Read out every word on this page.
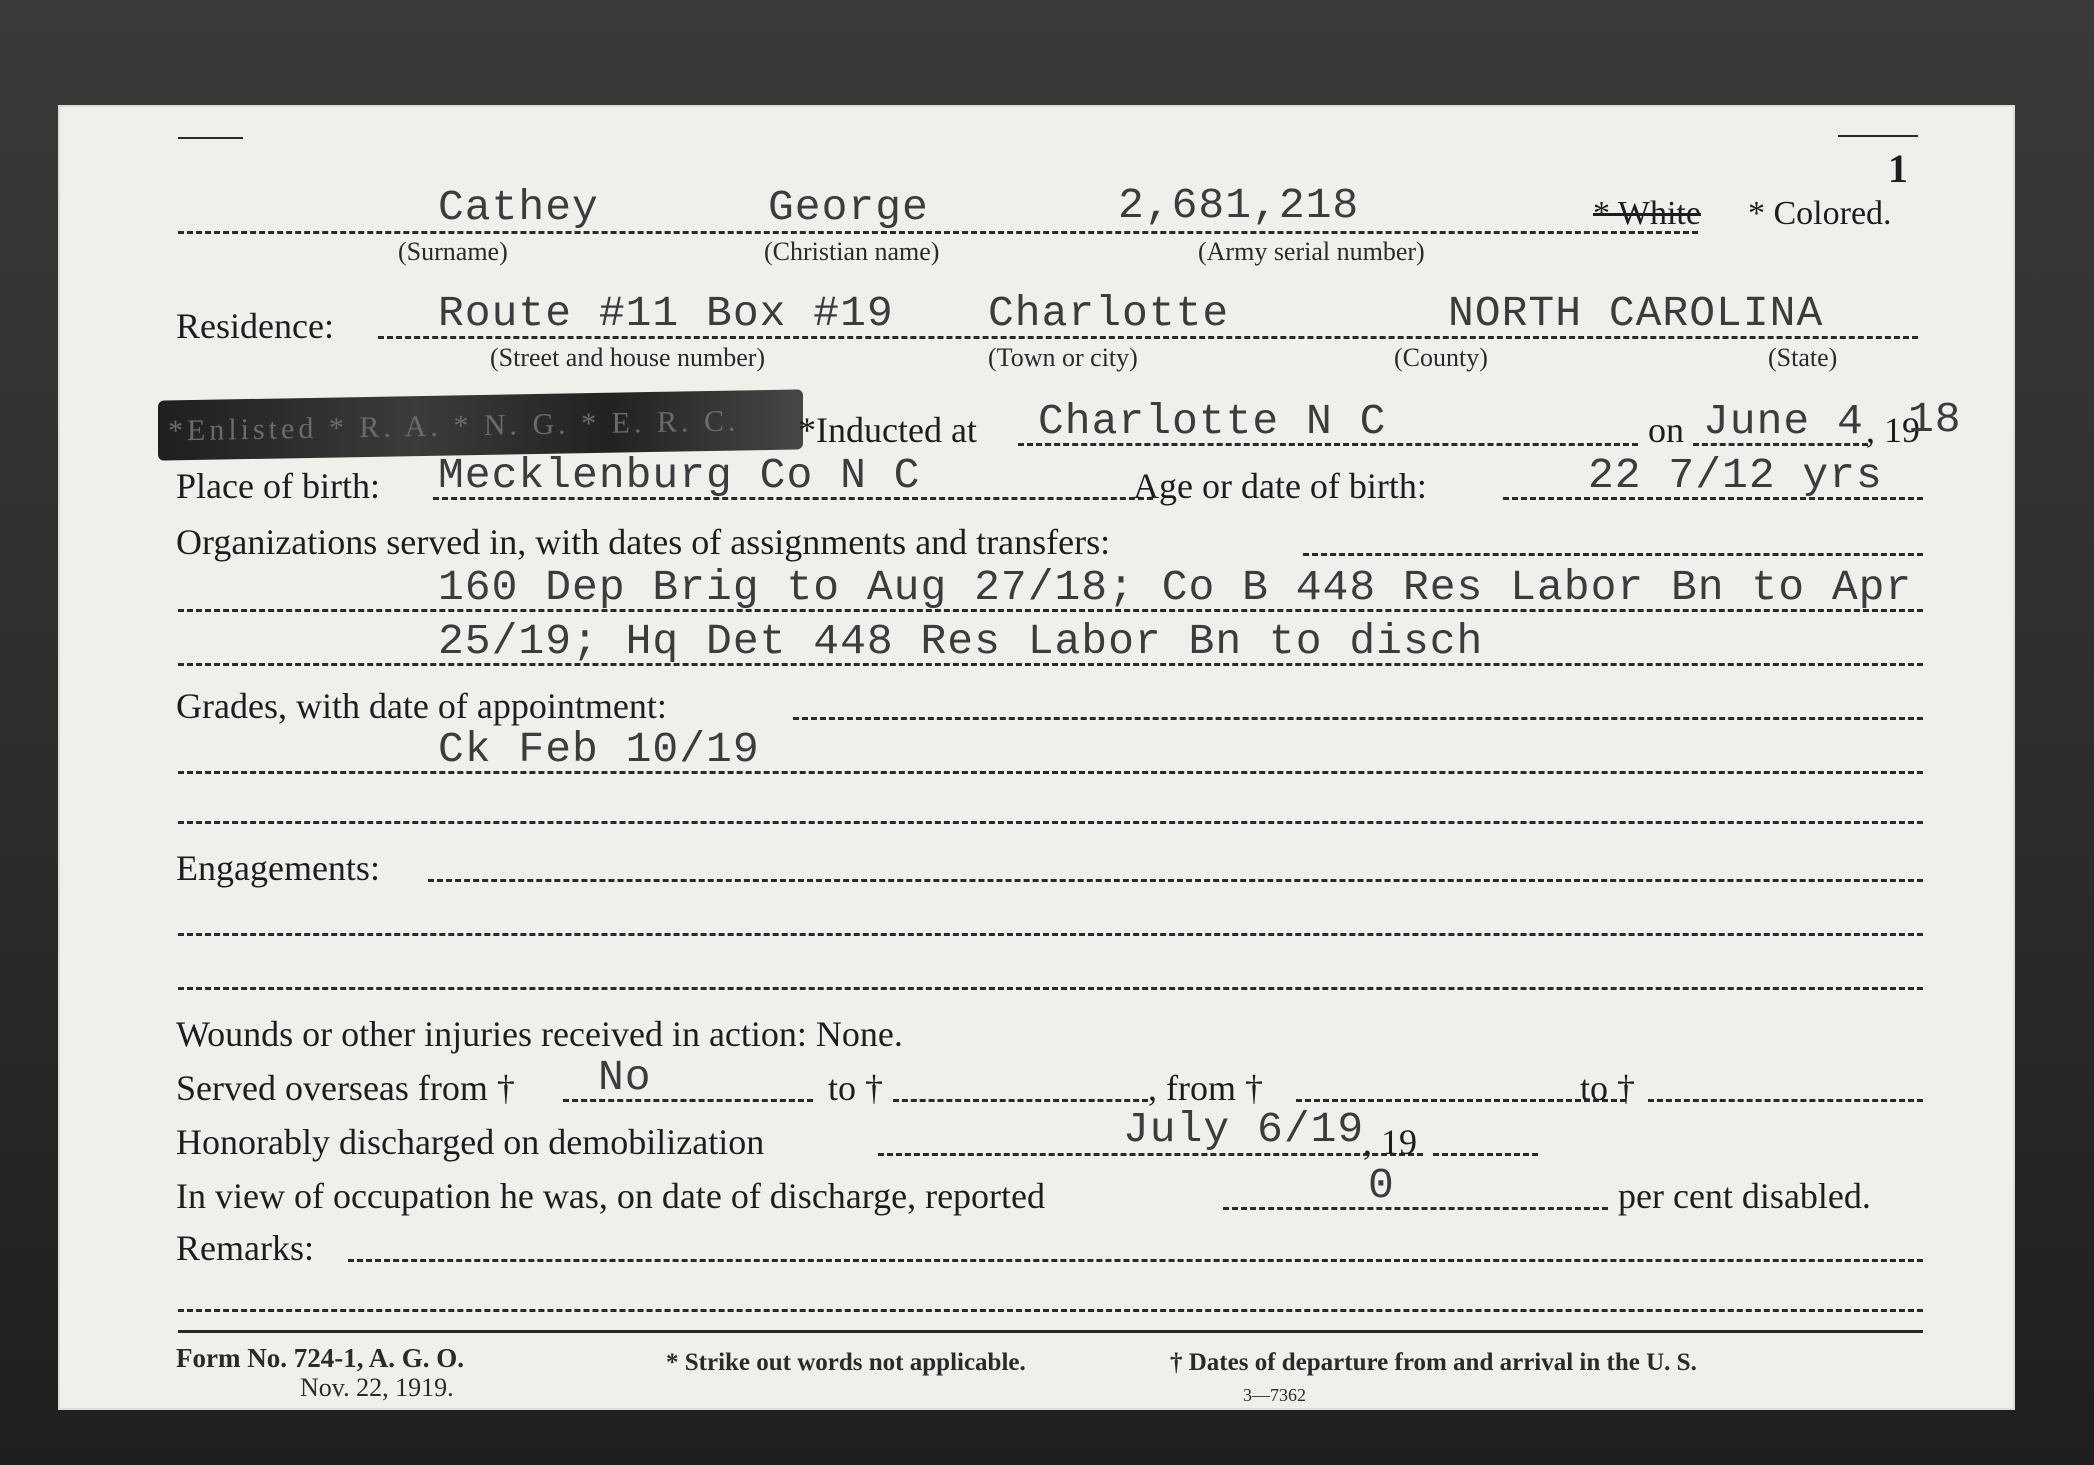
1
Cathey	George	2,681,218	* White * Colored.
(Surname)	(Christian name)	(Army serial number)
Residence: Route #11 Box #19 Charlotte	NORTH CAROLINA
(Street and house number)	(Town or city)	(County)	(State)
*Enlisted * R. A. * N. G. * E. R. C. *Inducted at Charlotte N C	on June 4 , 19
18
Place of birth: Mecklenburg Co N C	Age or date of birth:	22 7/12 yrs
Organizations served in, with dates of assignments and transfers:
160 Dep Brig to Aug 27/18; Co B 448 Res Labor Bn to Apr
25/19; Hq Det 448 Res Labor Bn to disch
Grades, with date of appointment:
Ck Feb 10/19
Engagements:
Wounds or other injuries received in action: None.
Served overseas from † No	to †	, from †	to †
Honorably discharged on demobilization	July 6/19
, 19
In view of occupation he was, on date of discharge, reported	0	per cent disabled.
Remarks:
Form No. 724-1, A. G. O.
Nov. 22, 1919.
* Strike out words not applicable.	† Dates of departure from and arrival in the U. S.
3—7362
